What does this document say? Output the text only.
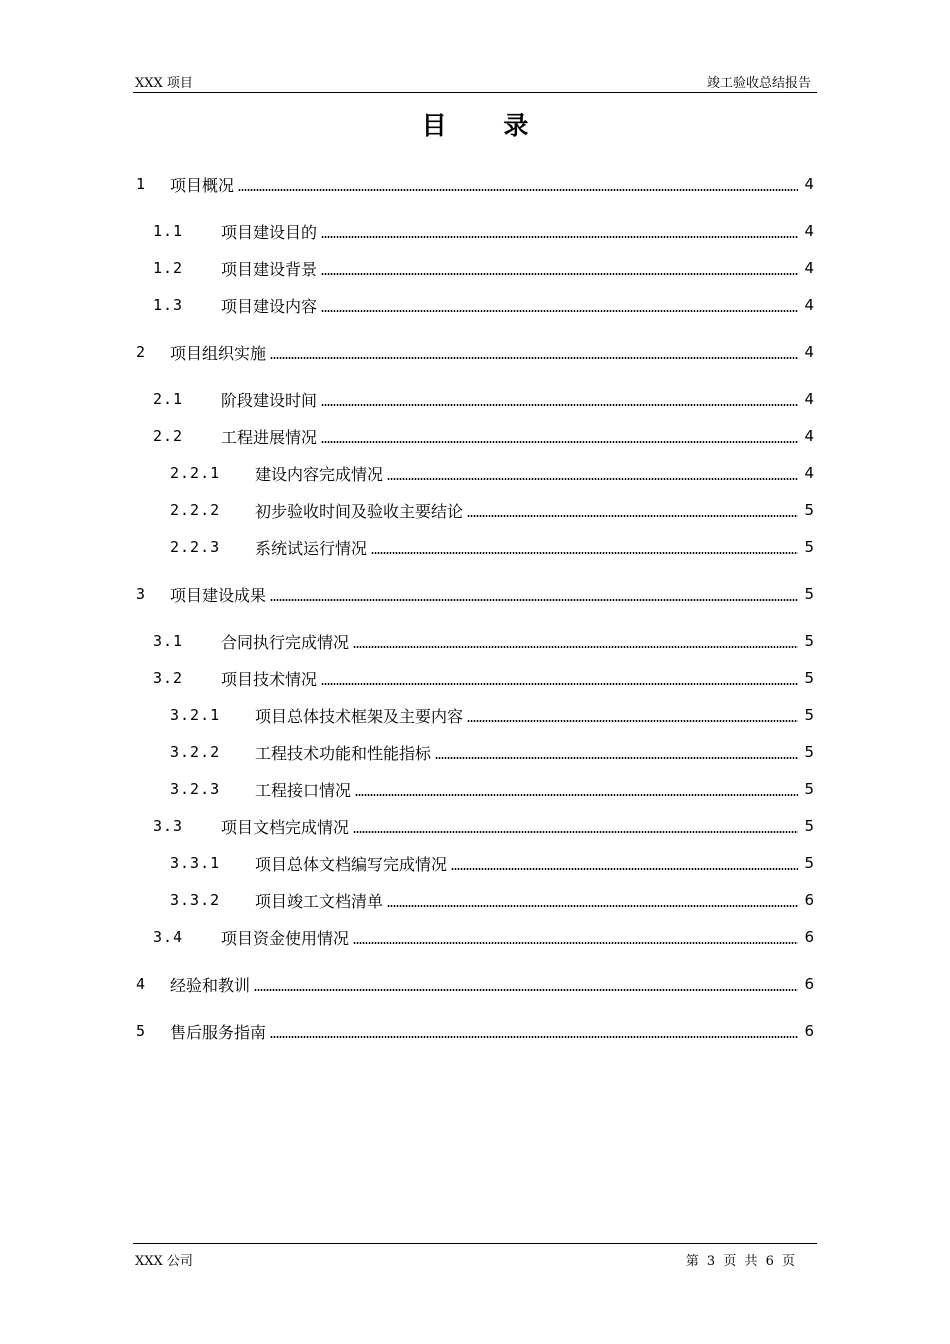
XXX 项目	竣工验收总结报告
目 录
1	项目概况	4
1.1	项目建设目的	4
1.2	项目建设背景	4
1.3	项目建设内容	4
2	项目组织实施	4
2.1	阶段建设时间	4
2.2	工程进展情况	4
2.2.1	建设内容完成情况	4
2.2.2	初步验收时间及验收主要结论	5
2.2.3	系统试运行情况	5
3	项目建设成果	5
3.1	合同执行完成情况	5
3.2	项目技术情况	5
3.2.1	项目总体技术框架及主要内容	5
3.2.2	工程技术功能和性能指标	5
3.2.3	工程接口情况	5
3.3	项目文档完成情况	5
3.3.1	项目总体文档编写完成情况	5
3.3.2	项目竣工文档清单	6
3.4	项目资金使用情况	6
4	经验和教训	6
5	售后服务指南	6
XXX 公司	第 3 页 共 6 页
